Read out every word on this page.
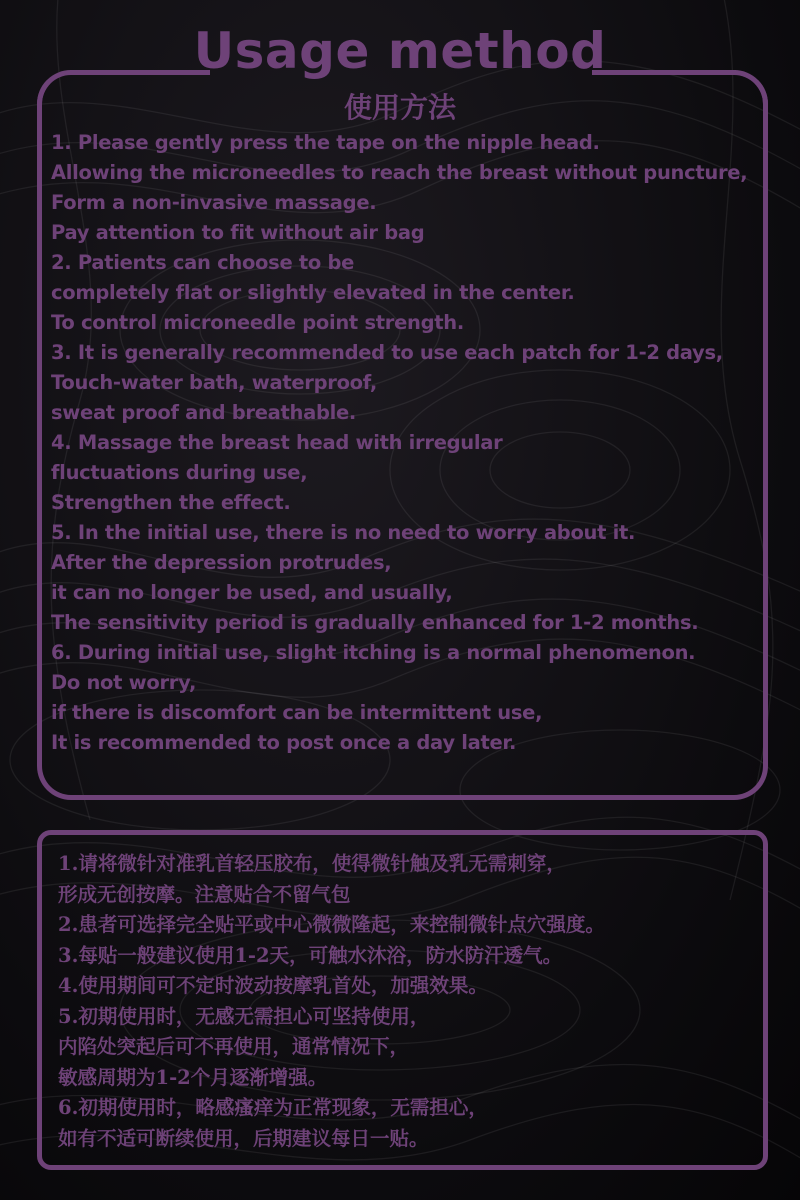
Usage method
使用方法
1. Please gently press the tape on the nipple head.
Allowing the microneedles to reach the breast without puncture,
Form a non-invasive massage.
Pay attention to fit without air bag
2. Patients can choose to be
completely flat or slightly elevated in the center.
To control microneedle point strength.
3. It is generally recommended to use each patch for 1-2 days,
Touch-water bath, waterproof,
sweat proof and breathable.
4. Massage the breast head with irregular
fluctuations during use,
Strengthen the effect.
5. In the initial use, there is no need to worry about it.
After the depression protrudes,
it can no longer be used, and usually,
The sensitivity period is gradually enhanced for 1-2 months.
6. During initial use, slight itching is a normal phenomenon.
Do not worry,
if there is discomfort can be intermittent use,
It is recommended to post once a day later.
1.请将微针对准乳首轻压胶布，使得微针触及乳无需刺穿，
形成无创按摩。注意贴合不留气包
2.患者可选择完全贴平或中心微微隆起，来控制微针点穴强度。
3.每贴一般建议使用1-2天，可触水沐浴，防水防汗透气。
4.使用期间可不定时波动按摩乳首处，加强效果。
5.初期使用时，无感无需担心可坚持使用，
内陷处突起后可不再使用，通常情况下，
敏感周期为1-2个月逐渐增强。
6.初期使用时，略感瘙痒为正常现象，无需担心，
如有不适可断续使用，后期建议每日一贴。
